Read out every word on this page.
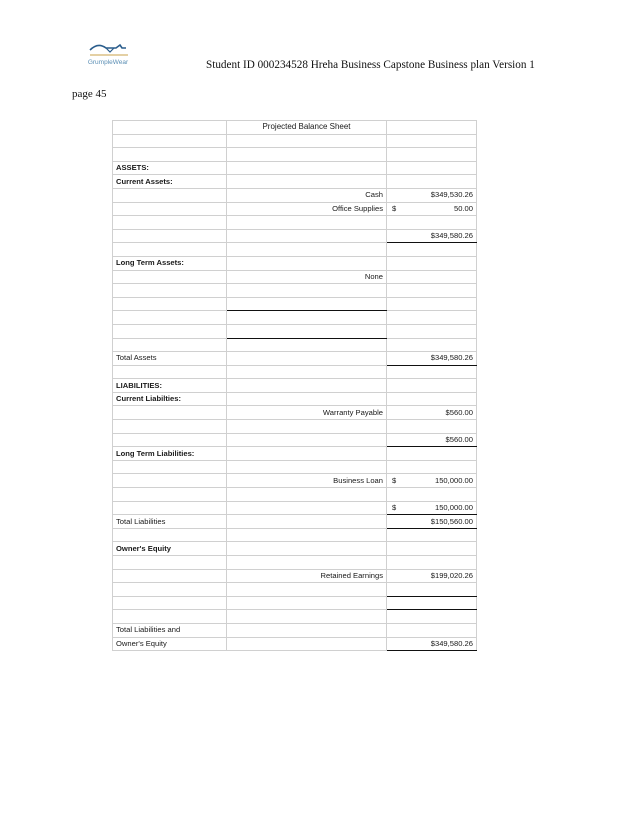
GrumpleWear	Student ID 000234528 Hreha Business Capstone Business plan Version 1
page 45
	Projected Balance Sheet	

ASSETS:		
Current Assets:		
	Cash	$349,530.26
	Office Supplies	$ 50.00

		$349,580.26

Long Term Assets:		
	None	

Total Assets		$349,580.26

LIABILITIES:		
Current Liabilties:		
	Warranty Payable	$560.00

		$560.00
Long Term Liabilities:		

	Business Loan	$ 150,000.00

		$ 150,000.00

Total Liabilities		$150,560.00

Owner's Equity		

	Retained Earnings	$199,020.26

Total Liabilities and		
Owner's Equity		$349,580.26
